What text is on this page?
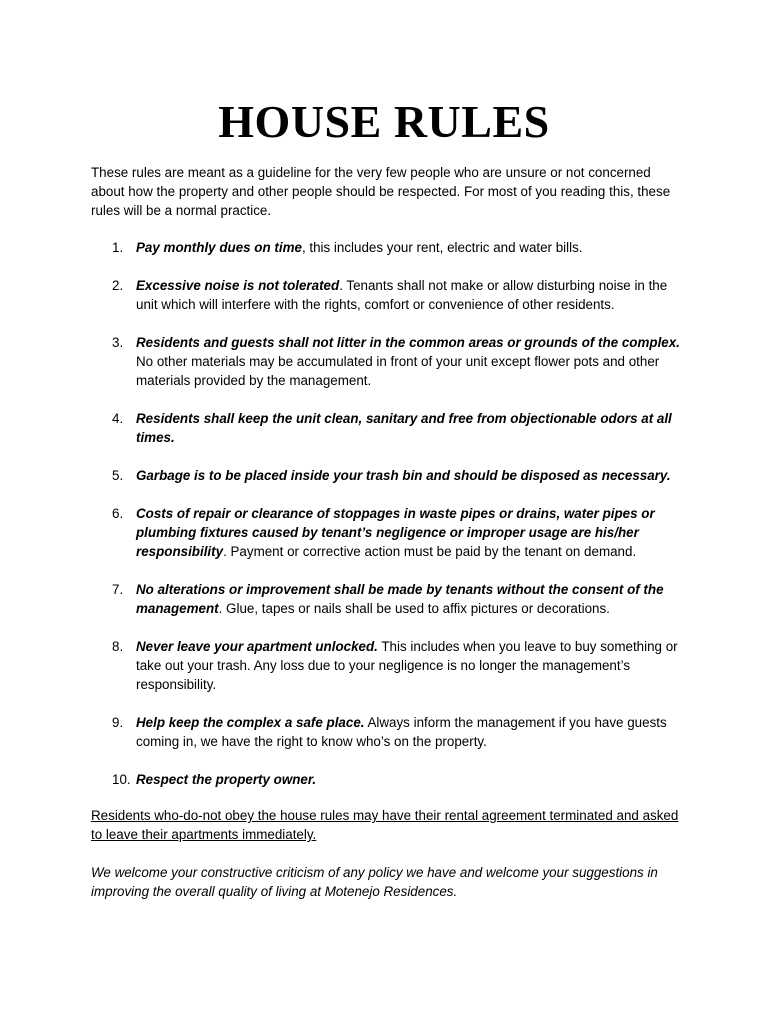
HOUSE RULES

These rules are meant as a guideline for the very few people who are unsure or not concerned about how the property and other people should be respected. For most of you reading this, these rules will be a normal practice.

1. Pay monthly dues on time, this includes your rent, electric and water bills.
2. Excessive noise is not tolerated. Tenants shall not make or allow disturbing noise in the unit which will interfere with the rights, comfort or convenience of other residents.
3. Residents and guests shall not litter in the common areas or grounds of the complex. No other materials may be accumulated in front of your unit except flower pots and other materials provided by the management.
4. Residents shall keep the unit clean, sanitary and free from objectionable odors at all times.
5. Garbage is to be placed inside your trash bin and should be disposed as necessary.
6. Costs of repair or clearance of stoppages in waste pipes or drains, water pipes or plumbing fixtures caused by tenant’s negligence or improper usage are his/her responsibility. Payment or corrective action must be paid by the tenant on demand.
7. No alterations or improvement shall be made by tenants without the consent of the management. Glue, tapes or nails shall be used to affix pictures or decorations.
8. Never leave your apartment unlocked. This includes when you leave to buy something or take out your trash. Any loss due to your negligence is no longer the management’s responsibility.
9. Help keep the complex a safe place. Always inform the management if you have guests coming in, we have the right to know who’s on the property.
10. Respect the property owner.

Residents who-do-not obey the house rules may have their rental agreement terminated and asked to leave their apartments immediately.

We welcome your constructive criticism of any policy we have and welcome your suggestions in improving the overall quality of living at Motenejo Residences.
